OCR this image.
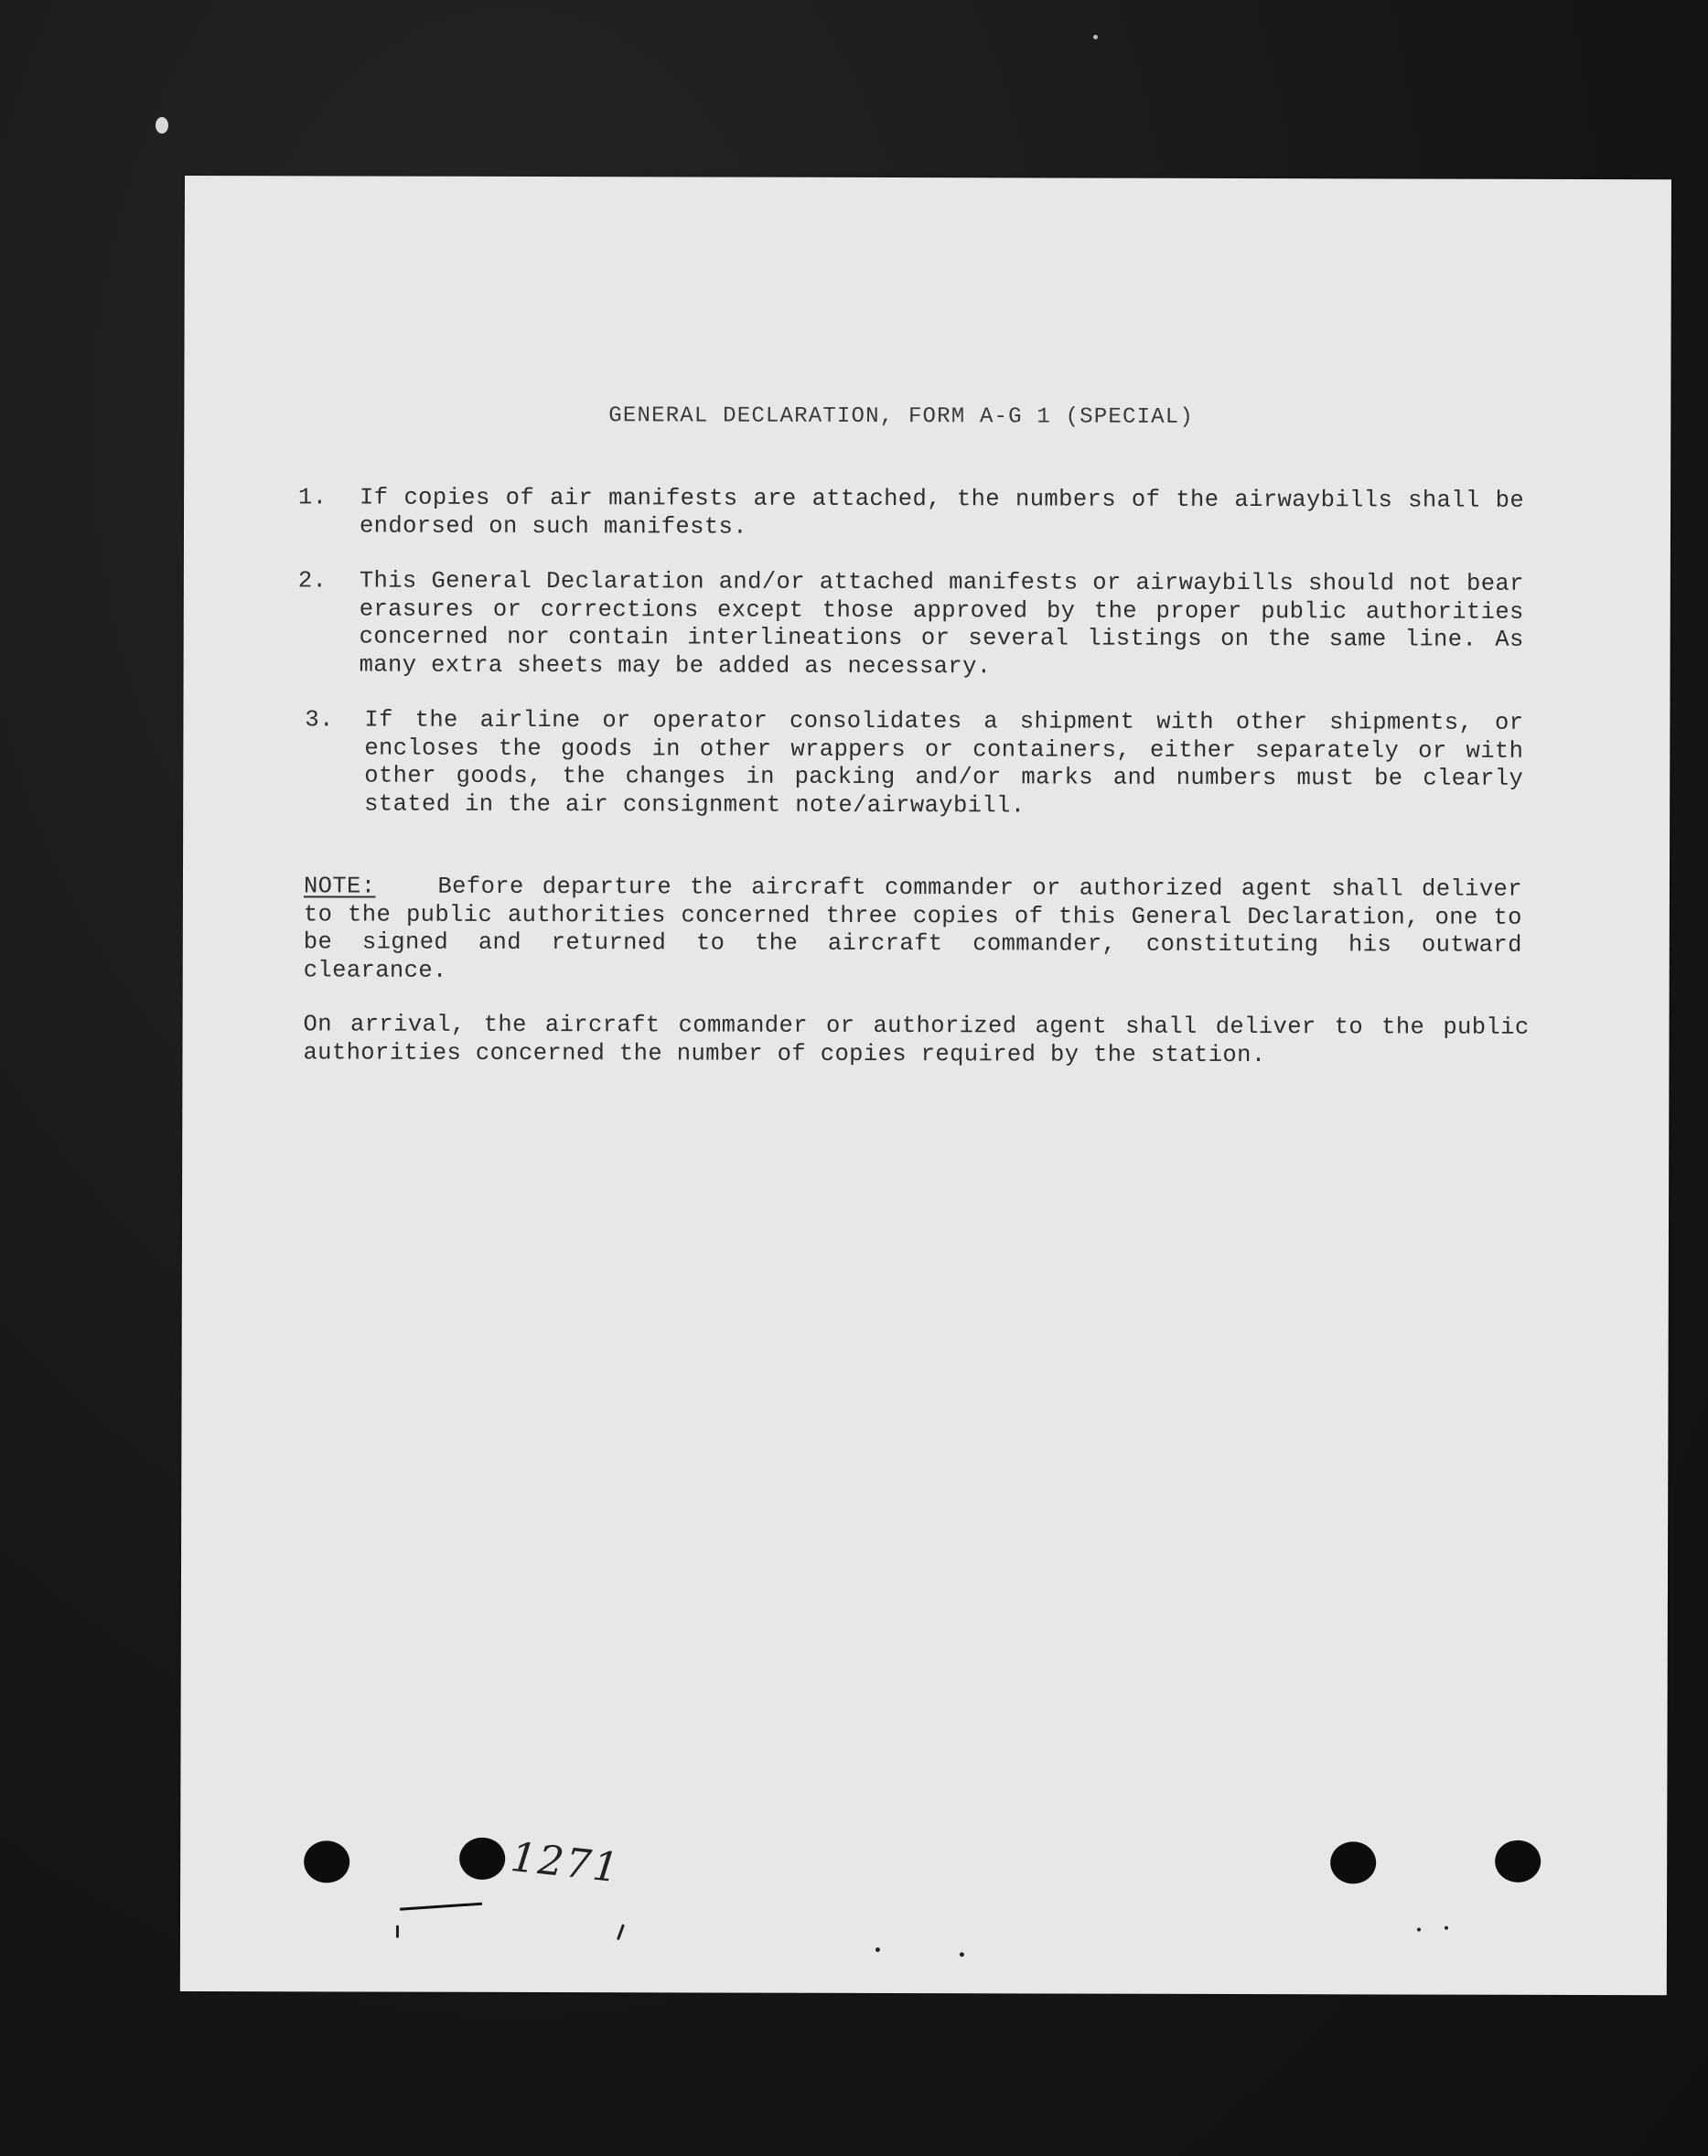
GENERAL DECLARATION, FORM A-G 1 (SPECIAL)
1.	If copies of air manifests are attached, the numbers of the airwaybills shall be endorsed on such manifests.
2.	This General Declaration and/or attached manifests or airwaybills should not bear erasures or corrections except those approved by the proper public authorities concerned nor contain interlineations or several listings on the same line. As many extra sheets may be added as necessary.
3.	If the airline or operator consolidates a shipment with other shipments, or encloses the goods in other wrappers or containers, either separately or with other goods, the changes in packing and/or marks and numbers must be clearly stated in the air consignment note/airwaybill.
NOTE:	Before departure the aircraft commander or authorized agent shall deliver to the public authorities concerned three copies of this General Declaration, one to be signed and returned to the aircraft commander, constituting his outward clearance.
On arrival, the aircraft commander or authorized agent shall deliver to the public authorities concerned the number of copies required by the station.
1271
